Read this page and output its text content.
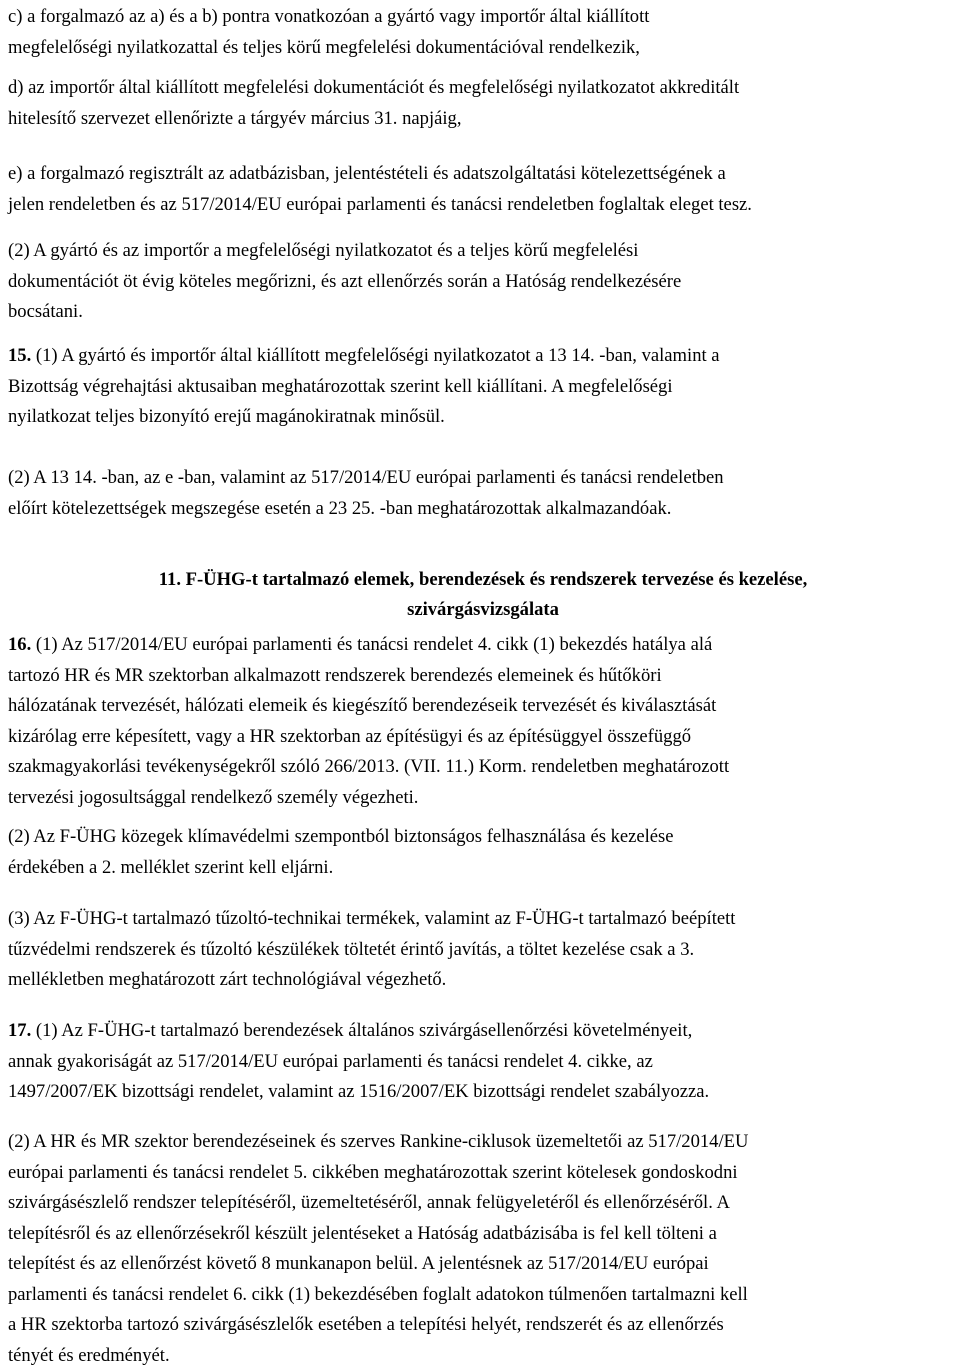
c) a forgalmazó az a) és a b) pontra vonatkozóan a gyártó vagy importőr által kiállított
megfelelőségi nyilatkozattal és teljes körű megfelelési dokumentációval rendelkezik,

d) az importőr által kiállított megfelelési dokumentációt és megfelelőségi nyilatkozatot akkreditált
hitelesítő szervezet ellenőrizte a tárgyév március 31. napjáig,

e) a forgalmazó regisztrált az adatbázisban, jelentéstételi és adatszolgáltatási kötelezettségének a
jelen rendeletben és az 517/2014/EU európai parlamenti és tanácsi rendeletben foglaltak eleget tesz.

(2) A gyártó és az importőr a megfelelőségi nyilatkozatot és a teljes körű megfelelési
dokumentációt öt évig köteles megőrizni, és azt ellenőrzés során a Hatóság rendelkezésére
bocsátani.

15. (1) A gyártó és importőr által kiállított megfelelőségi nyilatkozatot a 13 14. -ban, valamint a
Bizottság végrehajtási aktusaiban meghatározottak szerint kell kiállítani. A megfelelőségi
nyilatkozat teljes bizonyító erejű magánokiratnak minősül.

(2) A 13 14. -ban, az e -ban, valamint az 517/2014/EU európai parlamenti és tanácsi rendeletben
előírt kötelezettségek megszegése esetén a 23 25. -ban meghatározottak alkalmazandóak.

11. F-ÜHG-t tartalmazó elemek, berendezések és rendszerek tervezése és kezelése,
szivárgásvizsgálata

16. (1) Az 517/2014/EU európai parlamenti és tanácsi rendelet 4. cikk (1) bekezdés hatálya alá
tartozó HR és MR szektorban alkalmazott rendszerek berendezés elemeinek és hűtőköri
hálózatának tervezését, hálózati elemeik és kiegészítő berendezéseik tervezését és kiválasztását
kizárólag erre képesített, vagy a HR szektorban az építésügyi és az építésüggyel összefüggő
szakmagyakorlási tevékenységekről szóló 266/2013. (VII. 11.) Korm. rendeletben meghatározott
tervezési jogosultsággal rendelkező személy végezheti.

(2) Az F-ÜHG közegek klímavédelmi szempontból biztonságos felhasználása és kezelése
érdekében a 2. melléklet szerint kell eljárni.

(3) Az F-ÜHG-t tartalmazó tűzoltó-technikai termékek, valamint az F-ÜHG-t tartalmazó beépített
tűzvédelmi rendszerek és tűzoltó készülékek töltetét érintő javítás, a töltet kezelése csak a 3.
mellékletben meghatározott zárt technológiával végezhető.

17. (1) Az F-ÜHG-t tartalmazó berendezések általános szivárgásellenőrzési követelményeit,
annak gyakoriságát az 517/2014/EU európai parlamenti és tanácsi rendelet 4. cikke, az
1497/2007/EK bizottsági rendelet, valamint az 1516/2007/EK bizottsági rendelet szabályozza.

(2) A HR és MR szektor berendezéseinek és szerves Rankine-ciklusok üzemeltetői az 517/2014/EU
európai parlamenti és tanácsi rendelet 5. cikkében meghatározottak szerint kötelesek gondoskodni
szivárgásészlelő rendszer telepítéséről, üzemeltetéséről, annak felügyeletéről és ellenőrzéséről. A
telepítésről és az ellenőrzésekről készült jelentéseket a Hatóság adatbázisába is fel kell tölteni a
telepítést és az ellenőrzést követő 8 munkanapon belül. A jelentésnek az 517/2014/EU európai
parlamenti és tanácsi rendelet 6. cikk (1) bekezdésében foglalt adatokon túlmenően tartalmazni kell
a HR szektorba tartozó szivárgásészlelők esetében a telepítési helyét, rendszerét és az ellenőrzés
tényét és eredményét.
